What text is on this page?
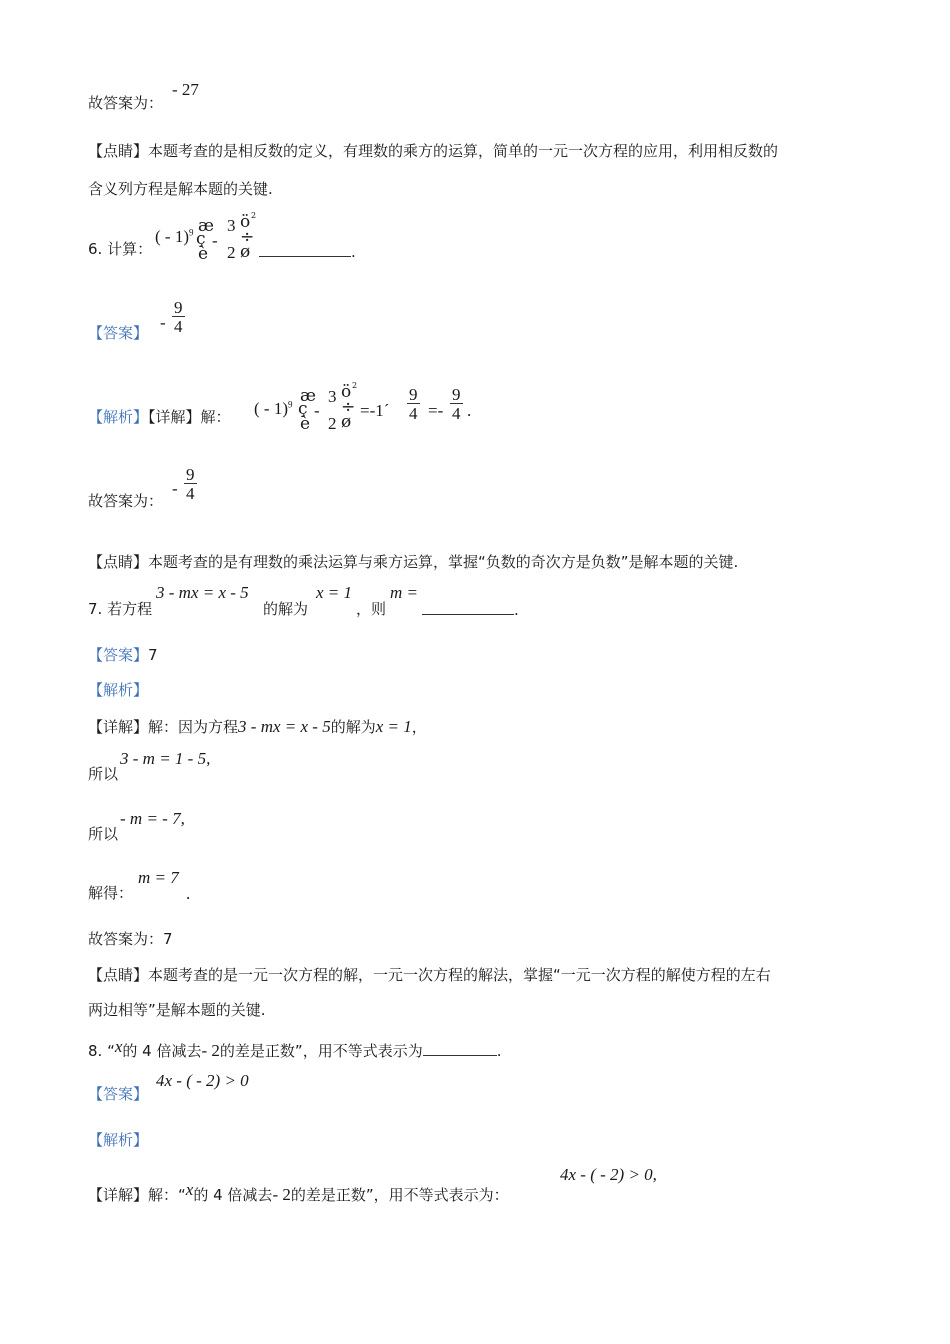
故答案为：
- 27
【点睛】本题考查的是相反数的定义，有理数的乘方的运算，简单的一元一次方程的应用，利用相反数的
含义列方程是解本题的关键.
6. 计算：
( - 1)$^9$ æ
ç
è
-
3
2
ö
÷
ø
2
.
【答案】
- $\frac{9}{4}$
【解析】【详解】解： ( - 1)$^9$ æ
ç
è
-
3
2
ö
÷
ø
2
=-1´ $\frac{9}{4} =- \frac{9}{4}$ .
故答案为：
- $\frac{9}{4}$
【点睛】本题考查的是有理数的乘法运算与乘方运算，掌握“负数的奇次方是负数”是解本题的关键.
7. 若方程
3 - mx = x - 5
的解为
x = 1
，则
m =
.
【答案】7
【解析】
【详解】解：因为方程3 - mx = x - 5的解为x = 1，
3 - m = 1 - 5,
所以
- m = - 7,
所以
解得：
m = 7
.
故答案为：7
【点睛】本题考查的是一元一次方程的解，一元一次方程的解法，掌握“一元一次方程的解使方程的左右
两边相等”是解本题的关键.
8. “x的 4 倍减去- 2的差是正数”，用不等式表示为	.
【答案】
4x - ( - 2) > 0
【解析】
【详解】解：“x的 4 倍减去- 2的差是正数”，用不等式表示为：
4x - ( - 2) > 0,
